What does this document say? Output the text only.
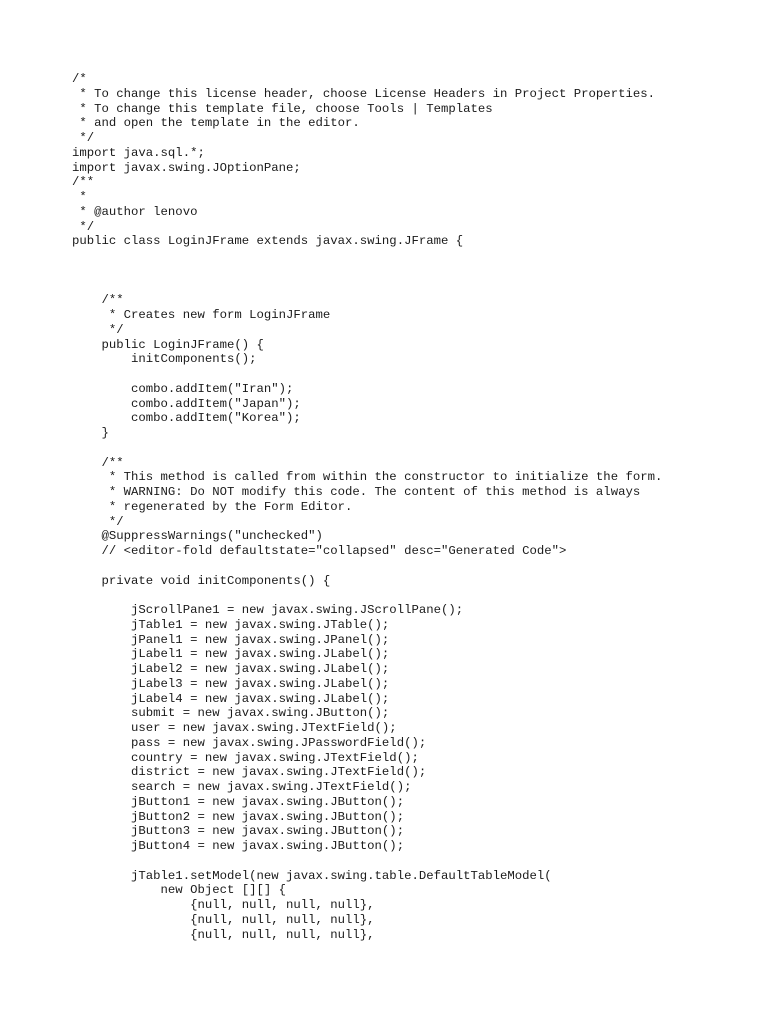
/*
* To change this license header, choose License Headers in Project Properties.
* To change this template file, choose Tools | Templates
* and open the template in the editor.
*/
import java.sql.*;
import javax.swing.JOptionPane;
/**
*
* @author lenovo
*/
public class LoginJFrame extends javax.swing.JFrame {
/**
* Creates new form LoginJFrame
*/
public LoginJFrame() {
initComponents();
combo.addItem("Iran");
combo.addItem("Japan");
combo.addItem("Korea");
}
/**
* This method is called from within the constructor to initialize the form.
* WARNING: Do NOT modify this code. The content of this method is always
* regenerated by the Form Editor.
*/
@SuppressWarnings("unchecked")
// <editor-fold defaultstate="collapsed" desc="Generated Code">
private void initComponents() {
jScrollPane1 = new javax.swing.JScrollPane();
jTable1 = new javax.swing.JTable();
jPanel1 = new javax.swing.JPanel();
jLabel1 = new javax.swing.JLabel();
jLabel2 = new javax.swing.JLabel();
jLabel3 = new javax.swing.JLabel();
jLabel4 = new javax.swing.JLabel();
submit = new javax.swing.JButton();
user = new javax.swing.JTextField();
pass = new javax.swing.JPasswordField();
country = new javax.swing.JTextField();
district = new javax.swing.JTextField();
search = new javax.swing.JTextField();
jButton1 = new javax.swing.JButton();
jButton2 = new javax.swing.JButton();
jButton3 = new javax.swing.JButton();
jButton4 = new javax.swing.JButton();
jTable1.setModel(new javax.swing.table.DefaultTableModel(
new Object [][] {
{null, null, null, null},
{null, null, null, null},
{null, null, null, null},
